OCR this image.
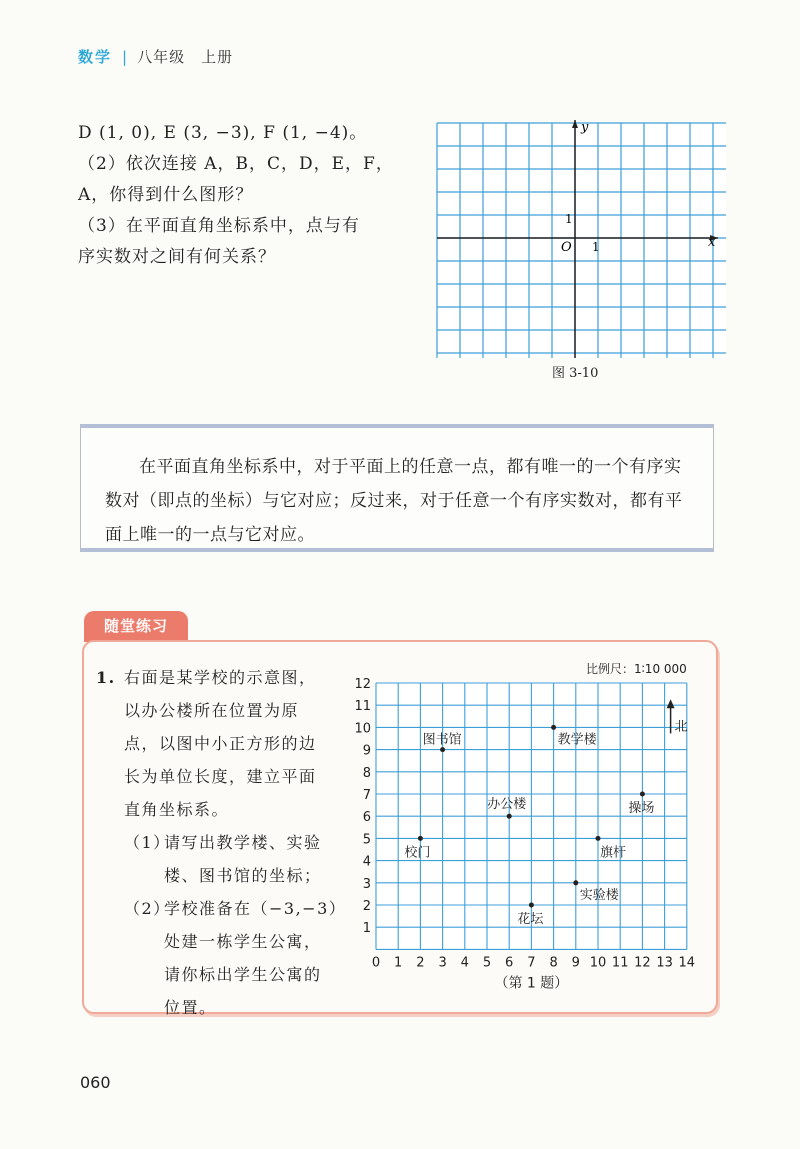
数学 | 八年级　上册
D (1, 0), E (3, −3), F (1, −4)。
（2）依次连接 A，B，C，D，E，F，
A，你得到什么图形？
（3）在平面直角坐标系中，点与有
序实数对之间有何关系？
x
y
O 1
1
图 3-10

在平面直角坐标系中，对于平面上的任意一点，都有唯一的一个有序实数对（即点的坐标）与它对应；反过来，对于任意一个有序实数对，都有平面上唯一的一点与它对应。

随堂练习
1. 右面是某学校的示意图，
以办公楼所在位置为原
点，以图中小正方形的边
长为单位长度，建立平面
直角坐标系。
（1）
请写出教学楼、实验
楼、图书馆的坐标；
（2）
学校准备在（−3,−3）
处建一栋学生公寓，
请你标出学生公寓的
位置。
0 1 2 3 4 5 6 7 8 9 10 11 12 13 14
1
2
3
4
5
6
7
8
9
10
11
12
比例尺：1∶10 000
北
图书馆	教学楼
办公楼	操场
校门	旗杆
实验楼
花坛
（第 1 题）
060
